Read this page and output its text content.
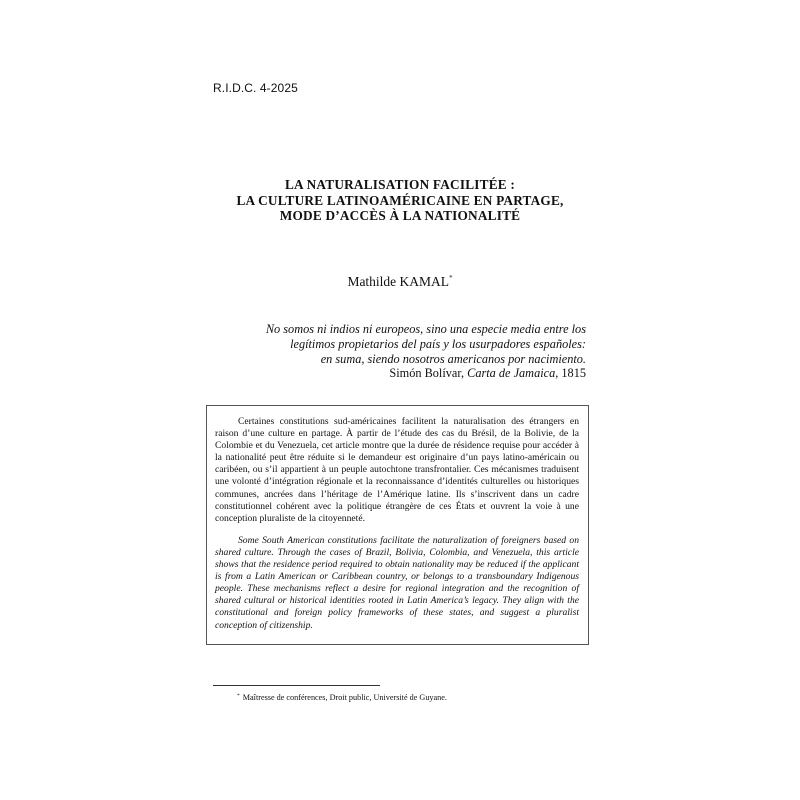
R.I.D.C. 4-2025
LA NATURALISATION FACILITÉE :
LA CULTURE LATINOAMÉRICAINE EN PARTAGE,
MODE D’ACCÈS À LA NATIONALITÉ
Mathilde KAMAL*
No somos ni indios ni europeos, sino una especie media entre los
legítimos propietarios del país y los usurpadores españoles:
en suma, siendo nosotros americanos por nacimiento.
Simón Bolívar, Carta de Jamaica, 1815

Certaines constitutions sud-américaines facilitent la naturalisation des étrangers en raison d’une culture en partage. À partir de l’étude des cas du Brésil, de la Bolivie, de la Colombie et du Venezuela, cet article montre que la durée de résidence requise pour accéder à la nationalité peut être réduite si le demandeur est originaire d’un pays latino-américain ou caribéen, ou s’il appartient à un peuple autochtone transfrontalier. Ces mécanismes traduisent une volonté d’intégration régionale et la reconnaissance d’identités culturelles ou historiques communes, ancrées dans l’héritage de l’Amérique latine. Ils s’inscrivent dans un cadre constitutionnel cohérent avec la politique étrangère de ces États et ouvrent la voie à une conception pluraliste de la citoyenneté.

Some South American constitutions facilitate the naturalization of foreigners based on shared culture. Through the cases of Brazil, Bolivia, Colombia, and Venezuela, this article shows that the residence period required to obtain nationality may be reduced if the applicant is from a Latin American or Caribbean country, or belongs to a transboundary Indigenous people. These mechanisms reflect a desire for regional integration and the recognition of shared cultural or historical identities rooted in Latin America’s legacy. They align with the constitutional and foreign policy frameworks of these states, and suggest a pluralist conception of citizenship.

* Maîtresse de conférences, Droit public, Université de Guyane.
